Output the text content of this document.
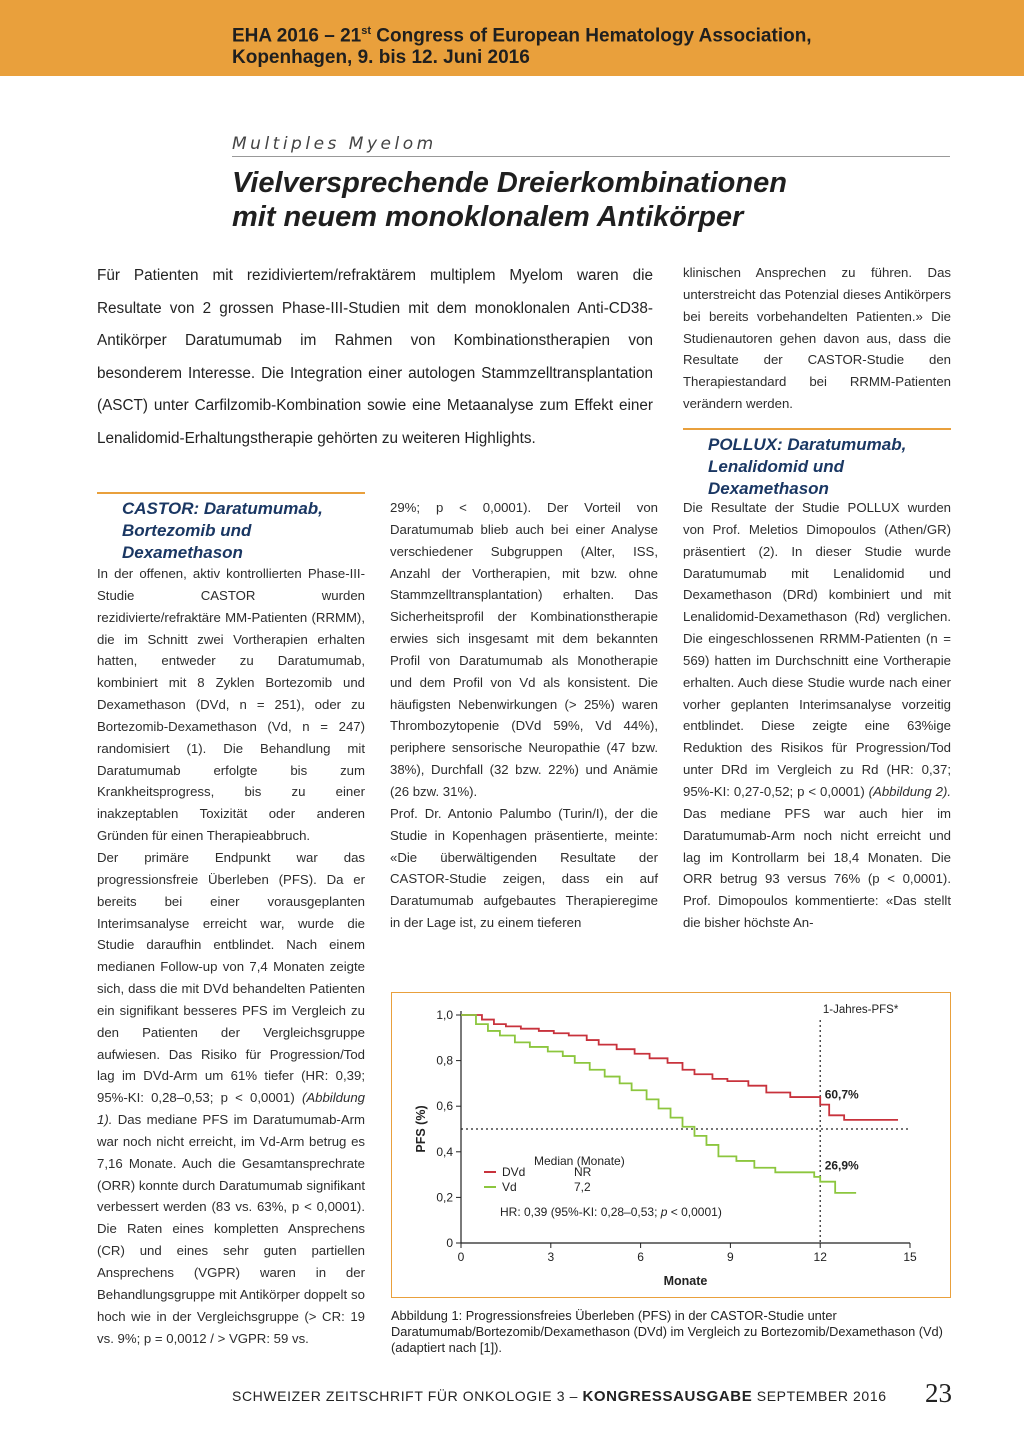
EHA 2016 – 21st Congress of European Hematology Association,
Kopenhagen, 9. bis 12. Juni 2016
Multiples Myelom
Vielversprechende Dreierkombinationen
mit neuem monoklonalem Antikörper
Für Patienten mit rezidiviertem/refraktärem multiplem Myelom waren die Resultate von 2 grossen Phase-III-Studien mit dem monoklonalen Anti-CD38-Antikörper Daratumumab im Rahmen von Kombinationstherapien von besonderem Interesse. Die Integration einer autologen Stammzelltransplantation (ASCT) unter Carfilzomib-Kombination sowie eine Metaanalyse zum Effekt einer Lenalidomid-Erhaltungstherapie gehörten zu weiteren Highlights.
CASTOR: Daratumumab, Bortezomib und Dexamethason

In der offenen, aktiv kontrollierten Phase-III-Studie CASTOR wurden rezidivierte/refraktäre MM-Patienten (RRMM), die im Schnitt zwei Vortherapien erhalten hatten, entweder zu Daratumumab, kombiniert mit 8 Zyklen Bortezomib und Dexamethason (DVd, n = 251), oder zu Bortezomib-Dexamethason (Vd, n = 247) randomisiert (1). Die Behandlung mit Daratumumab erfolgte bis zum Krankheitsprogress, bis zu einer inakzeptablen Toxizität oder anderen Gründen für einen Therapieabbruch.

Der primäre Endpunkt war das progressionsfreie Überleben (PFS). Da er bereits bei einer vorausgeplanten Interimsanalyse erreicht war, wurde die Studie daraufhin entblindet. Nach einem medianen Follow-up von 7,4 Monaten zeigte sich, dass die mit DVd behandelten Patienten ein signifikant besseres PFS im Vergleich zu den Patienten der Vergleichsgruppe aufwiesen. Das Risiko für Progression/Tod lag im DVd-Arm um 61% tiefer (HR: 0,39; 95%-KI: 0,28–0,53; p < 0,0001) (Abbildung 1). Das mediane PFS im Daratumumab-Arm war noch nicht erreicht, im Vd-Arm betrug es 7,16 Monate. Auch die Gesamtansprechrate (ORR) konnte durch Daratumumab signifikant verbessert werden (83 vs. 63%, p < 0,0001). Die Raten eines kompletten Ansprechens (CR) und eines sehr guten partiellen Ansprechens (VGPR) waren in der Behandlungsgruppe mit Antikörper doppelt so hoch wie in der Vergleichsgruppe (> CR: 19 vs. 9%; p = 0,0012 / > VGPR: 59 vs.

29%; p < 0,0001). Der Vorteil von Daratumumab blieb auch bei einer Analyse verschiedener Subgruppen (Alter, ISS, Anzahl der Vortherapien, mit bzw. ohne Stammzelltransplantation) erhalten. Das Sicherheitsprofil der Kombinationstherapie erwies sich insgesamt mit dem bekannten Profil von Daratumumab als Monotherapie und dem Profil von Vd als konsistent. Die häufigsten Nebenwirkungen (> 25%) waren Thrombozytopenie (DVd 59%, Vd 44%), periphere sensorische Neuropathie (47 bzw. 38%), Durchfall (32 bzw. 22%) und Anämie (26 bzw. 31%).

Prof. Dr. Antonio Palumbo (Turin/I), der die Studie in Kopenhagen präsentierte, meinte: «Die überwältigenden Resultate der CASTOR-Studie zeigen, dass ein auf Daratumumab aufgebautes Therapieregime in der Lage ist, zu einem tieferen

klinischen Ansprechen zu führen. Das unterstreicht das Potenzial dieses Antikörpers bei bereits vorbehandelten Patienten.» Die Studienautoren gehen davon aus, dass die Resultate der CASTOR-Studie den Therapiestandard bei RRMM-Patienten verändern werden.

POLLUX: Daratumumab, Lenalidomid und Dexamethason

Die Resultate der Studie POLLUX wurden von Prof. Meletios Dimopoulos (Athen/GR) präsentiert (2). In dieser Studie wurde Daratumumab mit Lenalidomid und Dexamethason (DRd) kombiniert und mit Lenalidomid-Dexamethason (Rd) verglichen. Die eingeschlossenen RRMM-Patienten (n = 569) hatten im Durchschnitt eine Vortherapie erhalten. Auch diese Studie wurde nach einer vorher geplanten Interimsanalyse vorzeitig entblindet. Diese zeigte eine 63%ige Reduktion des Risikos für Progression/Tod unter DRd im Vergleich zu Rd (HR: 0,37; 95%-KI: 0,27-0,52; p < 0,0001) (Abbildung 2). Das mediane PFS war auch hier im Daratumumab-Arm noch nicht erreicht und lag im Kontrollarm bei 18,4 Monaten. Die ORR betrug 93 versus 76% (p < 0,0001). Prof. Dimopoulos kommentierte: «Das stellt die bisher höchste An-

0
0,2
0,4
0,6
0,8
1,0
0	3	6	9	12	15
Monate
PFS (%)
1-Jahres-PFS*
60,7%
26,9%
Median (Monate)
DVd	NR
Vd	7,2
HR: 0,39 (95%-KI: 0,28–0,53; p < 0,0001)
Abbildung 1: Progressionsfreies Überleben (PFS) in der CASTOR-Studie unter Daratumumab/Bortezomib/Dexamethason (DVd) im Vergleich zu Bortezomib/Dexamethason (Vd) (adaptiert nach [1]).
SCHWEIZER ZEITSCHRIFT FÜR ONKOLOGIE 3 – KONGRESSAUSGABE SEPTEMBER 2016 23
